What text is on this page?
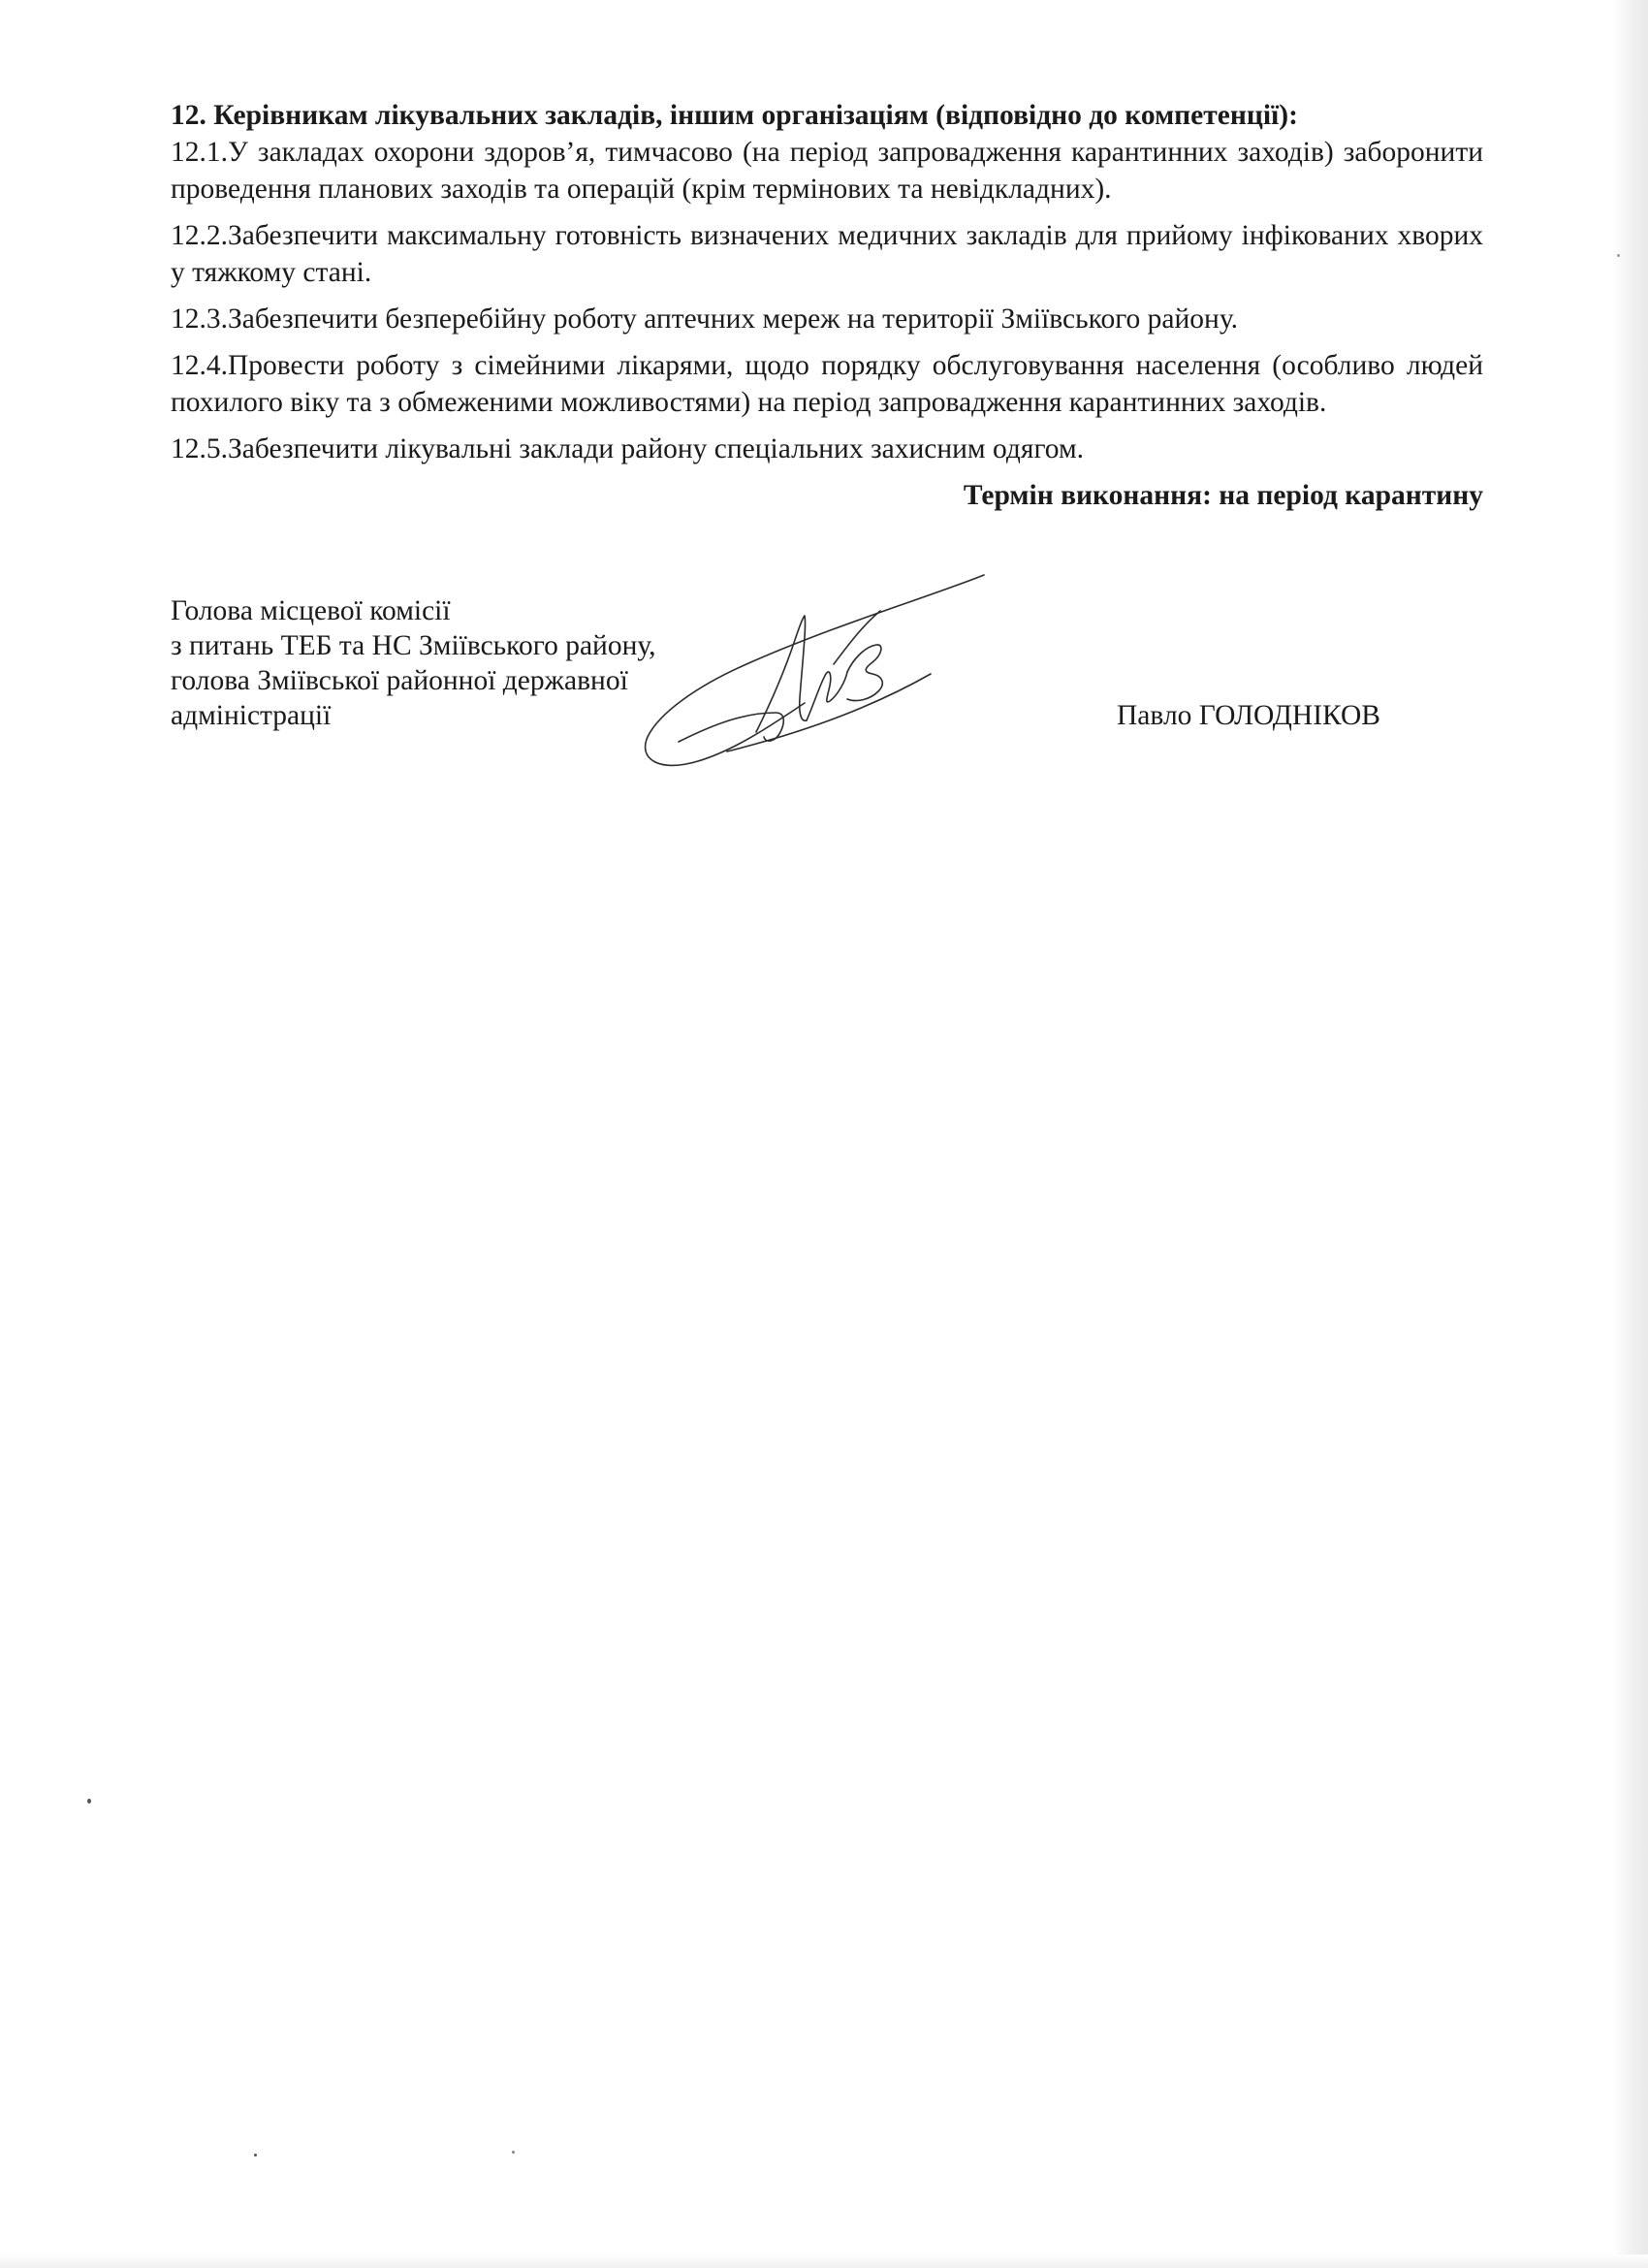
12. Керівникам лікувальних закладів, іншим організаціям (відповідно до компетенції):

12.1.У закладах охорони здоров’я, тимчасово (на період запровадження карантинних заходів) заборонити проведення планових заходів та операцій (крім термінових та невідкладних).

12.2.Забезпечити максимальну готовність визначених медичних закладів для прийому інфікованих хворих у тяжкому стані.

12.3.Забезпечити безперебійну роботу аптечних мереж на території Зміївського району.

12.4.Провести роботу з сімейними лікарями, щодо порядку обслуговування населення (особливо людей похилого віку та з обмеженими можливостями) на період запровадження карантинних заходів.

12.5.Забезпечити лікувальні заклади району спеціальних захисним одягом.

Термін виконання: на період карантину

Голова місцевої комісії
з питань ТЕБ та НС Зміївського району,
голова Зміївської районної державної
адміністрації	Павло ГОЛОДНІКОВ
